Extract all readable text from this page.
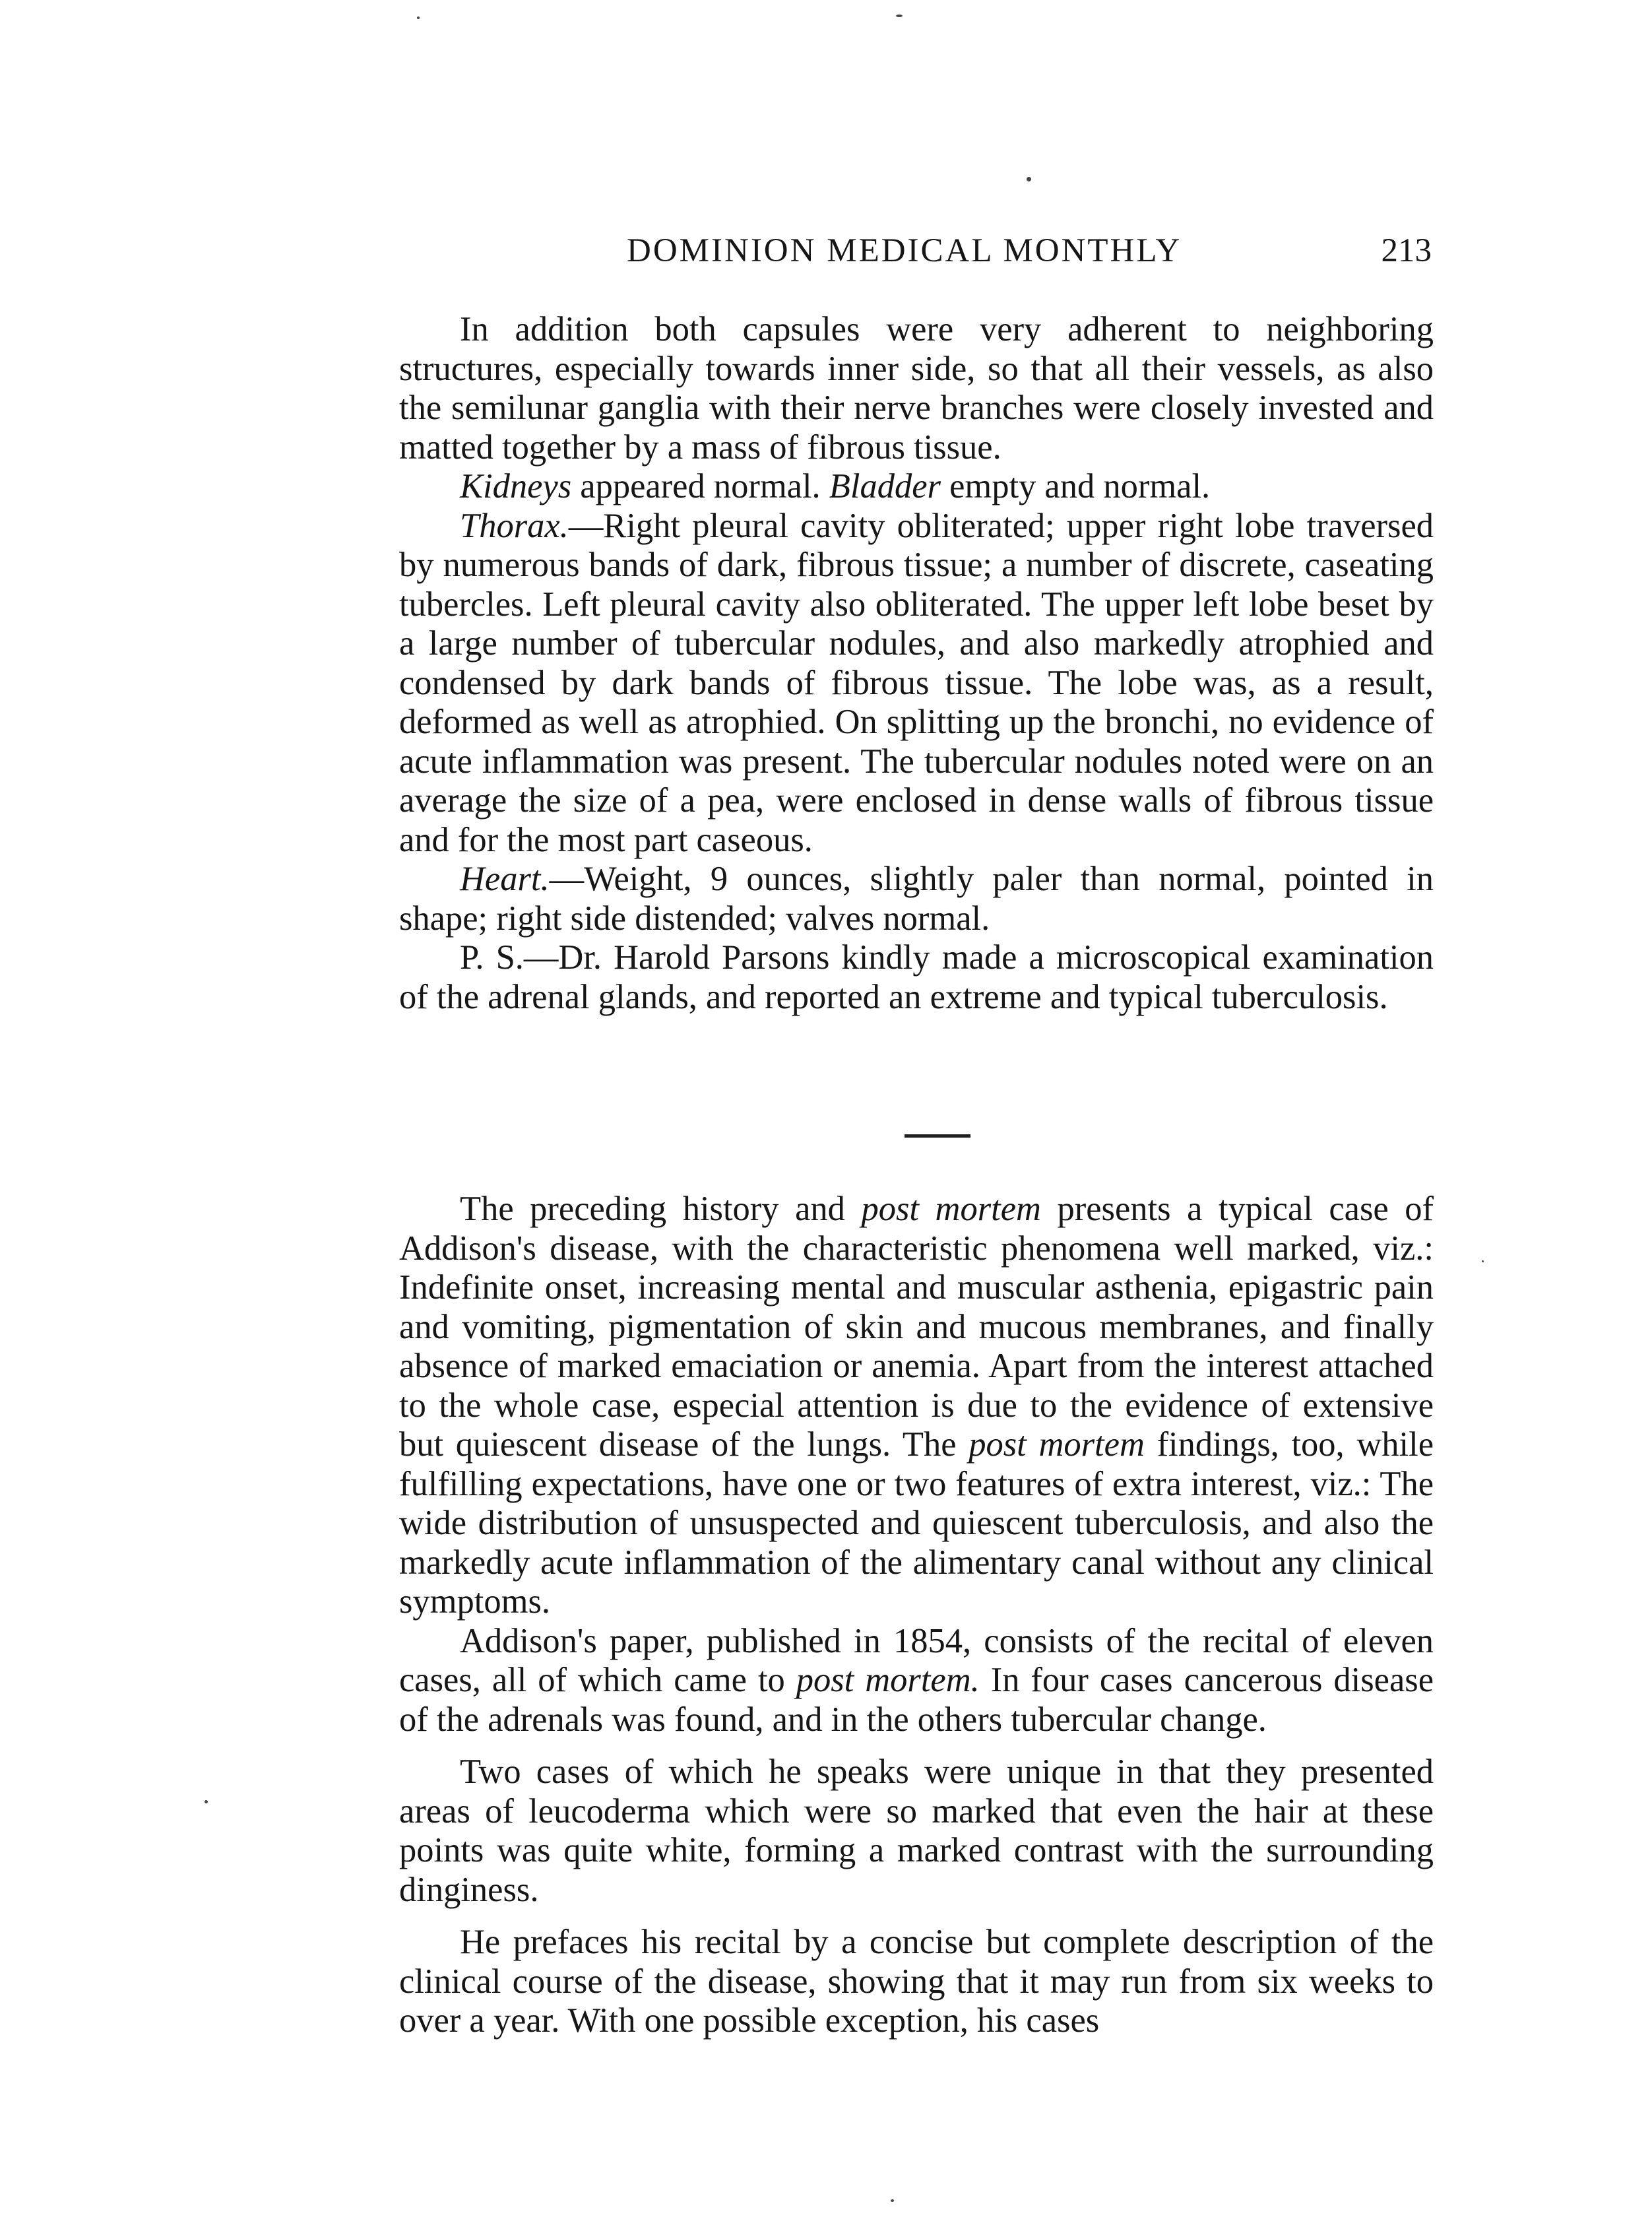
DOMINION MEDICAL MONTHLY	213

In addition both capsules were very adherent to neighboring structures, especially towards inner side, so that all their vessels, as also the semilunar ganglia with their nerve branches were closely invested and matted together by a mass of fibrous tissue.

Kidneys appeared normal. Bladder empty and normal.

Thorax.—Right pleural cavity obliterated; upper right lobe traversed by numerous bands of dark, fibrous tissue; a number of discrete, caseating tubercles. Left pleural cavity also obliterated. The upper left lobe beset by a large number of tubercular nodules, and also markedly atrophied and condensed by dark bands of fibrous tissue. The lobe was, as a result, deformed as well as atrophied. On splitting up the bronchi, no evidence of acute inflammation was present. The tubercular nodules noted were on an average the size of a pea, were enclosed in dense walls of fibrous tissue and for the most part caseous.

Heart.—Weight, 9 ounces, slightly paler than normal, pointed in shape; right side distended; valves normal.

P. S.—Dr. Harold Parsons kindly made a microscopical examination of the adrenal glands, and reported an extreme and typical tuberculosis.

The preceding history and post mortem presents a typical case of Addison's disease, with the characteristic phenomena well marked, viz.: Indefinite onset, increasing mental and muscular asthenia, epigastric pain and vomiting, pigmentation of skin and mucous membranes, and finally absence of marked emaciation or anemia. Apart from the interest attached to the whole case, especial attention is due to the evidence of extensive but quiescent disease of the lungs. The post mortem findings, too, while fulfilling expectations, have one or two features of extra interest, viz.: The wide distribution of unsuspected and quiescent tuberculosis, and also the markedly acute inflammation of the alimentary canal without any clinical symptoms.

Addison's paper, published in 1854, consists of the recital of eleven cases, all of which came to post mortem. In four cases cancerous disease of the adrenals was found, and in the others tubercular change.

Two cases of which he speaks were unique in that they presented areas of leucoderma which were so marked that even the hair at these points was quite white, forming a marked contrast with the surrounding dinginess.

He prefaces his recital by a concise but complete description of the clinical course of the disease, showing that it may run from six weeks to over a year. With one possible exception, his cases
